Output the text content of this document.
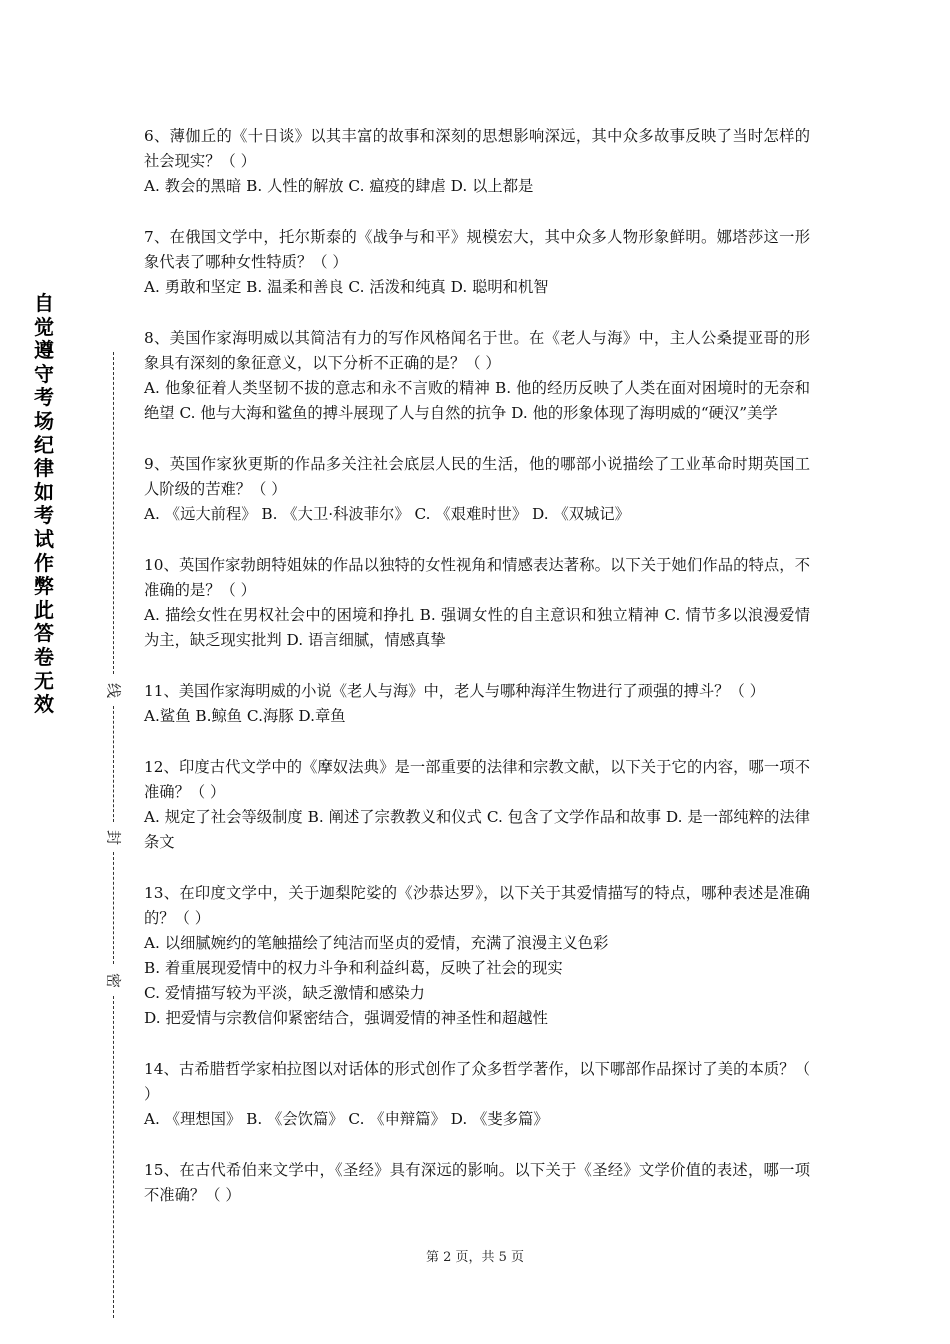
自
觉
遵
守
考
场
纪
律
如
考
试
作
弊
此
答
卷
无
效
线
封
密

6、薄伽丘的《十日谈》以其丰富的故事和深刻的思想影响深远，其中众多故事反映了当时怎样的社会现实？（ ）

A. 教会的黑暗 B. 人性的解放 C. 瘟疫的肆虐 D. 以上都是

7、在俄国文学中，托尔斯泰的《战争与和平》规模宏大，其中众多人物形象鲜明。娜塔莎这一形象代表了哪种女性特质？（ ）

A. 勇敢和坚定 B. 温柔和善良 C. 活泼和纯真 D. 聪明和机智

8、美国作家海明威以其简洁有力的写作风格闻名于世。在《老人与海》中，主人公桑提亚哥的形象具有深刻的象征意义，以下分析不正确的是？（ ）

A. 他象征着人类坚韧不拔的意志和永不言败的精神 B. 他的经历反映了人类在面对困境时的无奈和绝望 C. 他与大海和鲨鱼的搏斗展现了人与自然的抗争 D. 他的形象体现了海明威的“硬汉”美学

9、英国作家狄更斯的作品多关注社会底层人民的生活，他的哪部小说描绘了工业革命时期英国工人阶级的苦难？（ ）

A. 《远大前程》 B. 《大卫·科波菲尔》 C. 《艰难时世》 D. 《双城记》

10、英国作家勃朗特姐妹的作品以独特的女性视角和情感表达著称。以下关于她们作品的特点，不准确的是？（ ）

A. 描绘女性在男权社会中的困境和挣扎 B. 强调女性的自主意识和独立精神 C. 情节多以浪漫爱情为主，缺乏现实批判 D. 语言细腻，情感真挚

11、美国作家海明威的小说《老人与海》中，老人与哪种海洋生物进行了顽强的搏斗？（ ）

A.鲨鱼 B.鲸鱼 C.海豚 D.章鱼

12、印度古代文学中的《摩奴法典》是一部重要的法律和宗教文献，以下关于它的内容，哪一项不准确？（ ）

A. 规定了社会等级制度 B. 阐述了宗教教义和仪式 C. 包含了文学作品和故事 D. 是一部纯粹的法律条文

13、在印度文学中，关于迦梨陀娑的《沙恭达罗》，以下关于其爱情描写的特点，哪种表述是准确的？（ ）

A. 以细腻婉约的笔触描绘了纯洁而坚贞的爱情，充满了浪漫主义色彩

B. 着重展现爱情中的权力斗争和利益纠葛，反映了社会的现实

C. 爱情描写较为平淡，缺乏激情和感染力

D. 把爱情与宗教信仰紧密结合，强调爱情的神圣性和超越性

14、古希腊哲学家柏拉图以对话体的形式创作了众多哲学著作，以下哪部作品探讨了美的本质？（ ）

A. 《理想国》 B. 《会饮篇》 C. 《申辩篇》 D. 《斐多篇》

15、在古代希伯来文学中，《圣经》具有深远的影响。以下关于《圣经》文学价值的表述，哪一项不准确？（ ）

第 2 页，共 5 页
